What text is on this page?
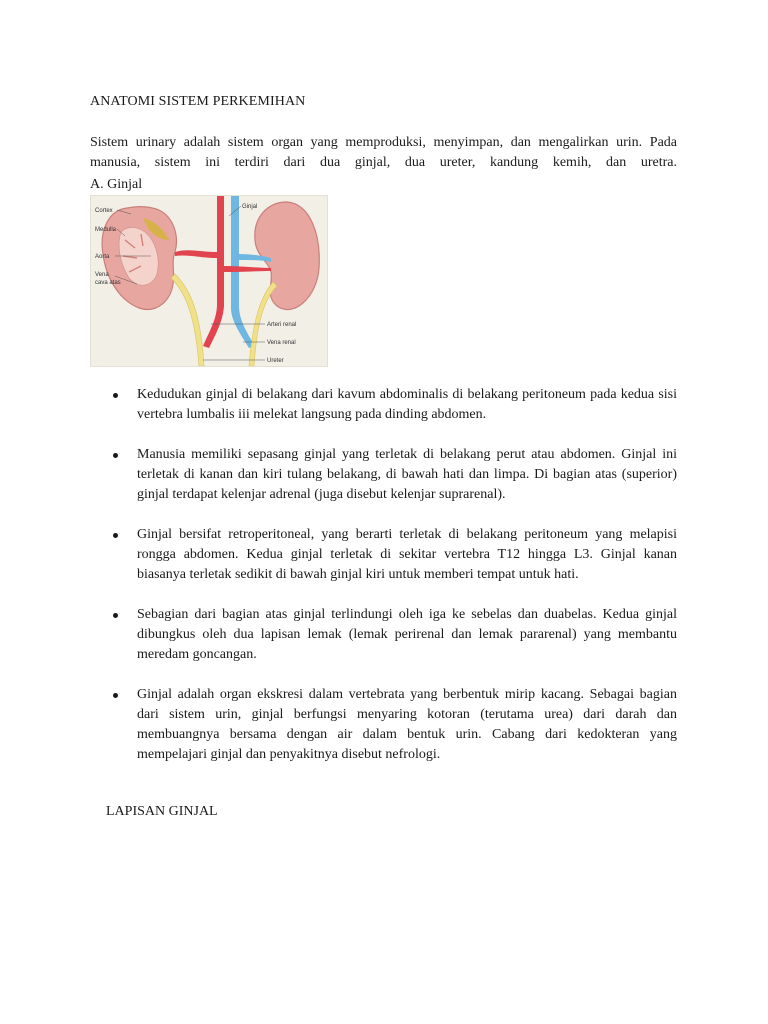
ANATOMI SISTEM PERKEMIHAN

Sistem urinary adalah sistem organ yang memproduksi, menyimpan, dan mengalirkan urin. Pada manusia, sistem ini terdiri dari dua ginjal, dua ureter, kandung kemih, dan uretra.

A. Ginjal
Cortex
Medulla
Aorta
Vena
cava atas
Ginjal
Arteri renal
Vena renal
Ureter
Kedudukan ginjal di belakang dari kavum abdominalis di belakang peritoneum pada kedua sisi vertebra lumbalis iii melekat langsung pada dinding abdomen.
Manusia memiliki sepasang ginjal yang terletak di belakang perut atau abdomen. Ginjal ini terletak di kanan dan kiri tulang belakang, di bawah hati dan limpa. Di bagian atas (superior) ginjal terdapat kelenjar adrenal (juga disebut kelenjar suprarenal).
Ginjal bersifat retroperitoneal, yang berarti terletak di belakang peritoneum yang melapisi rongga abdomen. Kedua ginjal terletak di sekitar vertebra T12 hingga L3. Ginjal kanan biasanya terletak sedikit di bawah ginjal kiri untuk memberi tempat untuk hati.
Sebagian dari bagian atas ginjal terlindungi oleh iga ke sebelas dan duabelas. Kedua ginjal dibungkus oleh dua lapisan lemak (lemak perirenal dan lemak pararenal) yang membantu meredam goncangan.
Ginjal adalah organ ekskresi dalam vertebrata yang berbentuk mirip kacang. Sebagai bagian dari sistem urin, ginjal berfungsi menyaring kotoran (terutama urea) dari darah dan membuangnya bersama dengan air dalam bentuk urin. Cabang dari kedokteran yang mempelajari ginjal dan penyakitnya disebut nefrologi.
LAPISAN GINJAL
